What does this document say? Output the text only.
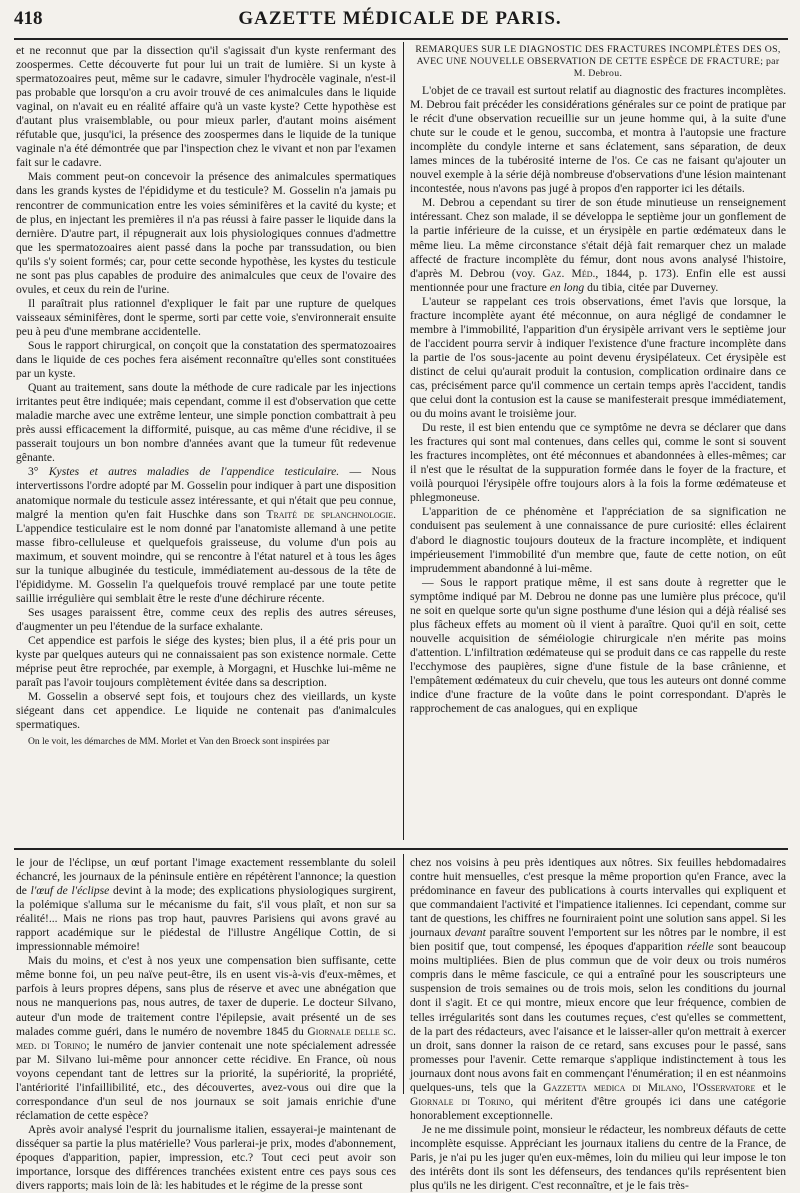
418	GAZETTE MÉDICALE DE PARIS.

et ne reconnut que par la dissection qu'il s'agissait d'un kyste renfermant des zoospermes. Cette découverte fut pour lui un trait de lumière. Si un kyste à spermatozoaires peut, même sur le cadavre, simuler l'hydrocèle vaginale, n'est-il pas probable que lorsqu'on a cru avoir trouvé de ces animalcules dans le liquide vaginal, on n'avait eu en réalité affaire qu'à un vaste kyste? Cette hypothèse est d'autant plus vraisemblable, ou pour mieux parler, d'autant moins aisément réfutable que, jusqu'ici, la présence des zoospermes dans le liquide de la tunique vaginale n'a été démontrée que par l'inspection chez le vivant et non par l'examen fait sur le cadavre.

Mais comment peut-on concevoir la présence des animalcules spermatiques dans les grands kystes de l'épididyme et du testicule? M. Gosselin n'a jamais pu rencontrer de communication entre les voies séminifères et la cavité du kyste; et de plus, en injectant les premières il n'a pas réussi à faire passer le liquide dans la dernière. D'autre part, il répugnerait aux lois physiologiques connues d'admettre que les spermatozoaires aient passé dans la poche par transsudation, ou bien qu'ils s'y soient formés; car, pour cette seconde hypothèse, les kystes du testicule ne sont pas plus capables de produire des animalcules que ceux de l'ovaire des ovules, et ceux du rein de l'urine.

Il paraîtrait plus rationnel d'expliquer le fait par une rupture de quelques vaisseaux séminifères, dont le sperme, sorti par cette voie, s'environnerait ensuite peu à peu d'une membrane accidentelle.

Sous le rapport chirurgical, on conçoit que la constatation des spermatozoaires dans le liquide de ces poches fera aisément reconnaître qu'elles sont constituées par un kyste.

Quant au traitement, sans doute la méthode de cure radicale par les injections irritantes peut être indiquée; mais cependant, comme il est d'observation que cette maladie marche avec une extrême lenteur, une simple ponction combattrait à peu près aussi efficacement la difformité, puisque, au cas même d'une récidive, il se passerait toujours un bon nombre d'années avant que la tumeur fût redevenue gênante.

3° Kystes et autres maladies de l'appendice testiculaire. — Nous intervertissons l'ordre adopté par M. Gosselin pour indiquer à part une disposition anatomique normale du testicule assez intéressante, et qui n'était que peu connue, malgré la mention qu'en fait Huschke dans son Traité de splanchnologie. L'appendice testiculaire est le nom donné par l'anatomiste allemand à une petite masse fibro-celluleuse et quelquefois graisseuse, du volume d'un pois au maximum, et souvent moindre, qui se rencontre à l'état naturel et à tous les âges sur la tunique albuginée du testicule, immédiatement au-dessous de la tête de l'épididyme. M. Gosselin l'a quelquefois trouvé remplacé par une toute petite saillie irrégulière qui semblait être le reste d'une déchirure récente.

Ses usages paraissent être, comme ceux des replis des autres séreuses, d'augmenter un peu l'étendue de la surface exhalante.

Cet appendice est parfois le siége des kystes; bien plus, il a été pris pour un kyste par quelques auteurs qui ne connaissaient pas son existence normale. Cette méprise peut être reprochée, par exemple, à Morgagni, et Huschke lui-même ne paraît pas l'avoir toujours complètement évitée dans sa description.

M. Gosselin a observé sept fois, et toujours chez des vieillards, un kyste siégeant dans cet appendice. Le liquide ne contenait pas d'animalcules spermatiques.

On le voit, les démarches de MM. Morlet et Van den Broeck sont inspirées par

REMARQUES SUR LE DIAGNOSTIC DES FRACTURES INCOMPLÈTES DES OS, AVEC UNE NOUVELLE OBSERVATION DE CETTE ESPÈCE DE FRACTURE; par M. Debrou.

L'objet de ce travail est surtout relatif au diagnostic des fractures incomplètes. M. Debrou fait précéder les considérations générales sur ce point de pratique par le récit d'une observation recueillie sur un jeune homme qui, à la suite d'une chute sur le coude et le genou, succomba, et montra à l'autopsie une fracture incomplète du condyle interne et sans éclatement, sans séparation, de deux lames minces de la tubérosité interne de l'os. Ce cas ne faisant qu'ajouter un nouvel exemple à la série déjà nombreuse d'observations d'une lésion maintenant incontestée, nous n'avons pas jugé à propos d'en rapporter ici les détails.

M. Debrou a cependant su tirer de son étude minutieuse un renseignement intéressant. Chez son malade, il se développa le septième jour un gonflement de la partie inférieure de la cuisse, et un érysipèle en partie œdémateux dans le même lieu. La même circonstance s'était déjà fait remarquer chez un malade affecté de fracture incomplète du fémur, dont nous avons analysé l'histoire, d'après M. Debrou (voy. Gaz. Méd., 1844, p. 173). Enfin elle est aussi mentionnée pour une fracture en long du tibia, citée par Duverney.

L'auteur se rappelant ces trois observations, émet l'avis que lorsque, la fracture incomplète ayant été méconnue, on aura négligé de condamner le membre à l'immobilité, l'apparition d'un érysipèle arrivant vers le septième jour de l'accident pourra servir à indiquer l'existence d'une fracture incomplète dans la partie de l'os sous-jacente au point devenu érysipélateux. Cet érysipèle est distinct de celui qu'aurait produit la contusion, complication ordinaire dans ce cas, précisément parce qu'il commence un certain temps après l'accident, tandis que celui dont la contusion est la cause se manifesterait presque immédiatement, ou du moins avant le troisième jour.

Du reste, il est bien entendu que ce symptôme ne devra se déclarer que dans les fractures qui sont mal contenues, dans celles qui, comme le sont si souvent les fractures incomplètes, ont été méconnues et abandonnées à elles-mêmes; car il n'est que le résultat de la suppuration formée dans le foyer de la fracture, et voilà pourquoi l'érysipèle offre toujours alors à la fois la forme œdémateuse et phlegmoneuse.

L'apparition de ce phénomène et l'appréciation de sa signification ne conduisent pas seulement à une connaissance de pure curiosité: elles éclairent d'abord le diagnostic toujours douteux de la fracture incomplète, et indiquent impérieusement l'immobilité d'un membre que, faute de cette notion, on eût imprudemment abandonné à lui-même.

— Sous le rapport pratique même, il est sans doute à regretter que le symptôme indiqué par M. Debrou ne donne pas une lumière plus précoce, qu'il ne soit en quelque sorte qu'un signe posthume d'une lésion qui a déjà réalisé ses plus fâcheux effets au moment où il vient à paraître. Quoi qu'il en soit, cette nouvelle acquisition de séméiologie chirurgicale n'en mérite pas moins d'attention. L'infiltration œdémateuse qui se produit dans ce cas rappelle du reste l'ecchymose des paupières, signe d'une fistule de la base crânienne, et l'empâtement œdémateux du cuir chevelu, que tous les auteurs ont donné comme indice d'une fracture de la voûte dans le point correspondant. D'après le rapprochement de cas analogues, qui en explique

le jour de l'éclipse, un œuf portant l'image exactement ressemblante du soleil échancré, les journaux de la péninsule entière en répétèrent l'annonce; la question de l'œuf de l'éclipse devint à la mode; des explications physiologiques surgirent, la polémique s'alluma sur le mécanisme du fait, s'il vous plaît, et non sur sa réalité!... Mais ne rions pas trop haut, pauvres Parisiens qui avons gravé au rapport académique sur le piédestal de l'illustre Angélique Cottin, de si impressionnable mémoire!

Mais du moins, et c'est à nos yeux une compensation bien suffisante, cette même bonne foi, un peu naïve peut-être, ils en usent vis-à-vis d'eux-mêmes, et parfois à leurs propres dépens, sans plus de réserve et avec une abnégation que nous ne manquerions pas, nous autres, de taxer de duperie. Le docteur Silvano, auteur d'un mode de traitement contre l'épilepsie, avait présenté un de ses malades comme guéri, dans le numéro de novembre 1845 du Giornale delle sc. med. di Torino; le numéro de janvier contenait une note spécialement adressée par M. Silvano lui-même pour annoncer cette récidive. En France, où nous voyons cependant tant de lettres sur la priorité, la supériorité, la propriété, l'antériorité l'infaillibilité, etc., des découvertes, avez-vous oui dire que la correspondance d'un seul de nos journaux se soit jamais enrichie d'une réclamation de cette espèce?

Après avoir analysé l'esprit du journalisme italien, essayerai-je maintenant de disséquer sa partie la plus matérielle? Vous parlerai-je prix, modes d'abonnement, époques d'apparition, papier, impression, etc.? Tout ceci peut avoir son importance, lorsque des différences tranchées existent entre ces pays sous ces divers rapports; mais loin de là: les habitudes et le régime de la presse sont

chez nos voisins à peu près identiques aux nôtres. Six feuilles hebdomadaires contre huit mensuelles, c'est presque la même proportion qu'en France, avec la prédominance en faveur des publications à courts intervalles qui expliquent et que commandaient l'activité et l'impatience italiennes. Ici cependant, comme sur tant de questions, les chiffres ne fourniraient point une solution sans appel. Si les journaux devant paraître souvent l'emportent sur les nôtres par le nombre, il est bien positif que, tout compensé, les époques d'apparition réelle sont beaucoup moins multipliées. Bien de plus commun que de voir deux ou trois numéros compris dans le même fascicule, ce qui a entraîné pour les souscripteurs une suspension de trois semaines ou de trois mois, selon les conditions du journal dont il s'agit. Et ce qui montre, mieux encore que leur fréquence, combien de telles irrégularités sont dans les coutumes reçues, c'est qu'elles se commettent, de la part des rédacteurs, avec l'aisance et le laisser-aller qu'on mettrait à exercer un droit, sans donner la raison de ce retard, sans excuses pour le passé, sans promesses pour l'avenir. Cette remarque s'applique indistinctement à tous les journaux dont nous avons fait en commençant l'énumération; il en est néanmoins quelques-uns, tels que la Gazzetta medica di Milano, l'Osservatore et le Giornale di Torino, qui méritent d'être groupés ici dans une catégorie honorablement exceptionnelle.

Je ne me dissimule point, monsieur le rédacteur, les nombreux défauts de cette incomplète esquisse. Appréciant les journaux italiens du centre de la France, de Paris, je n'ai pu les juger qu'en eux-mêmes, loin du milieu qui leur impose le ton des intérêts dont ils sont les défenseurs, des tendances qu'ils représentent bien plus qu'ils ne les dirigent. C'est reconnaître, et je le fais très-
